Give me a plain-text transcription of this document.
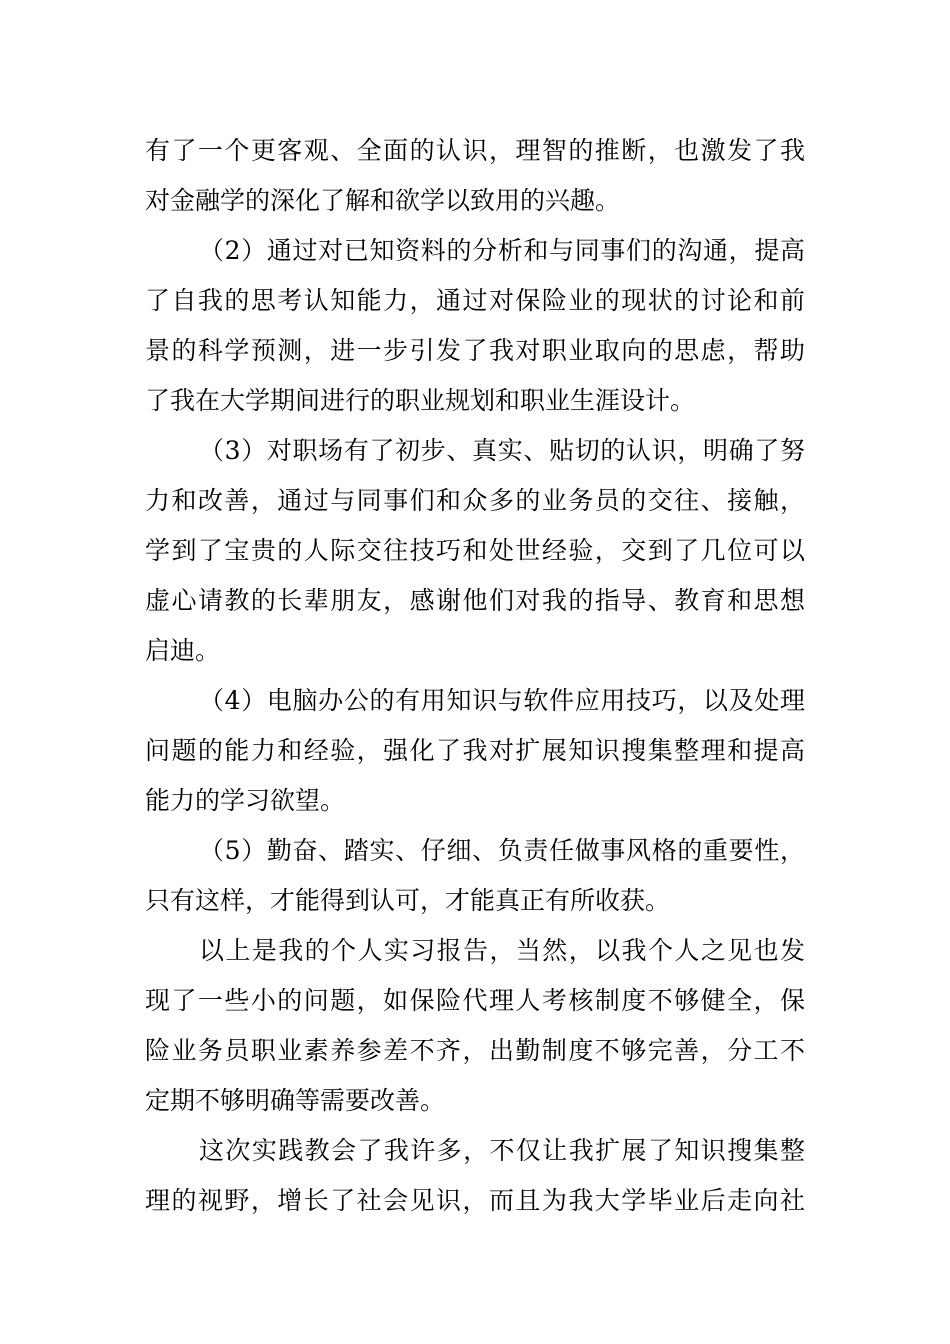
有了一个更客观、全面的认识，理智的推断，也激发了我
对金融学的深化了解和欲学以致用的兴趣。
（2）通过对已知资料的分析和与同事们的沟通，提高
了自我的思考认知能力，通过对保险业的现状的讨论和前
景的科学预测，进一步引发了我对职业取向的思虑，帮助
了我在大学期间进行的职业规划和职业生涯设计。
（3）对职场有了初步、真实、贴切的认识，明确了努
力和改善，通过与同事们和众多的业务员的交往、接触，
学到了宝贵的人际交往技巧和处世经验，交到了几位可以
虚心请教的长辈朋友，感谢他们对我的指导、教育和思想
启迪。
（4）电脑办公的有用知识与软件应用技巧，以及处理
问题的能力和经验，强化了我对扩展知识搜集整理和提高
能力的学习欲望。
（5）勤奋、踏实、仔细、负责任做事风格的重要性，
只有这样，才能得到认可，才能真正有所收获。
以上是我的个人实习报告，当然，以我个人之见也发
现了一些小的问题，如保险代理人考核制度不够健全，保
险业务员职业素养参差不齐，出勤制度不够完善，分工不
定期不够明确等需要改善。
这次实践教会了我许多，不仅让我扩展了知识搜集整
理的视野，增长了社会见识，而且为我大学毕业后走向社
